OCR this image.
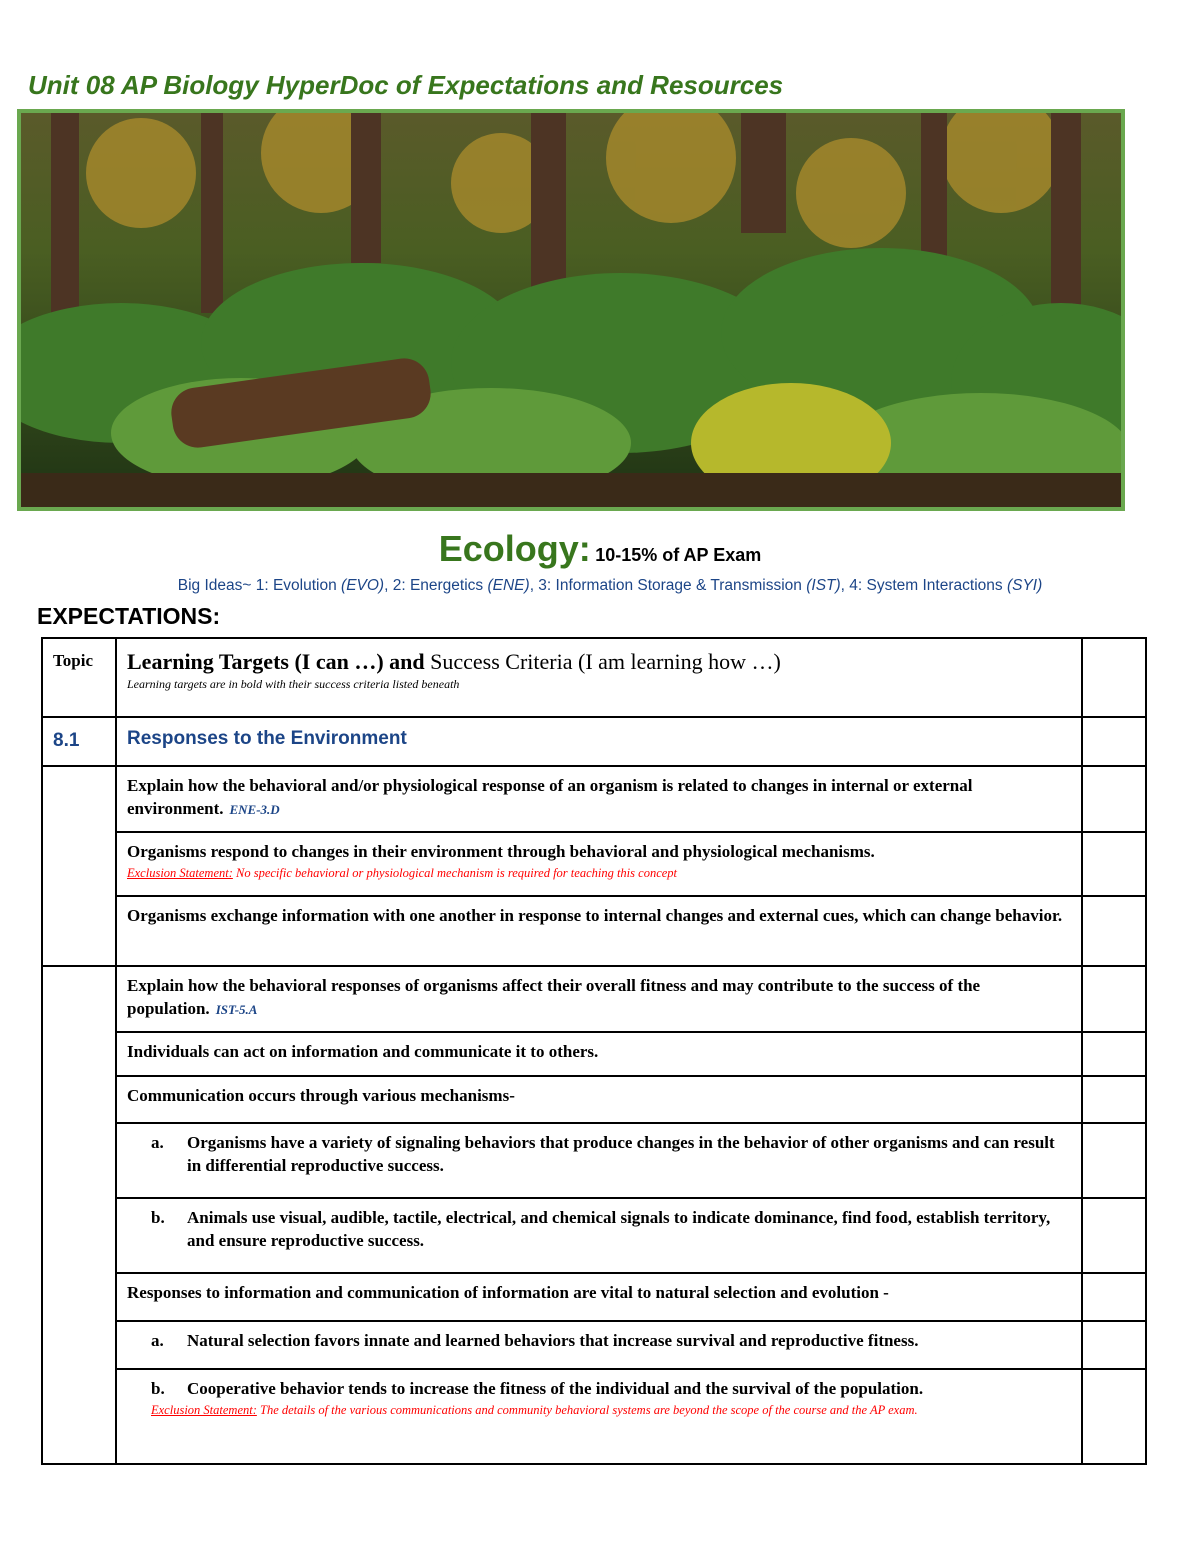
Unit 08 AP Biology HyperDoc of Expectations and Resources
Ecology: 10-15% of AP Exam
Big Ideas~ 1: Evolution (EVO), 2: Energetics (ENE), 3: Information Storage & Transmission (IST), 4: System Interactions (SYI)
EXPECTATIONS:
Topic	Learning Targets (I can …) and Success Criteria (I am learning how …)
Learning targets are in bold with their success criteria listed beneath	

8.1	Responses to the Environment	
	Explain how the behavioral and/or physiological response of an organism is related to changes in internal or external environment. ENE-3.D	

	Organisms respond to changes in their environment through behavioral and physiological mechanisms.
Exclusion Statement: No specific behavioral or physiological mechanism is required for teaching this concept	

	Organisms exchange information with one another in response to internal changes and external cues, which can change behavior.	
	Explain how the behavioral responses of organisms affect their overall fitness and may contribute to the success of the population. IST-5.A	
	Individuals can act on information and communicate it to others.	
	Communication occurs through various mechanisms-	

	a. Organisms have a variety of signaling behaviors that produce changes in the behavior of other organisms and can result in differential reproductive success.	

	b. Animals use visual, audible, tactile, electrical, and chemical signals to indicate dominance, find food, establish territory, and ensure reproductive success.	

	Responses to information and communication of information are vital to natural selection and evolution -	

	a. Natural selection favors innate and learned behaviors that increase survival and reproductive fitness.	

	b. Cooperative behavior tends to increase the fitness of the individual and the survival of the population.
Exclusion Statement: The details of the various communications and community behavioral systems are beyond the scope of the course and the AP exam.	
